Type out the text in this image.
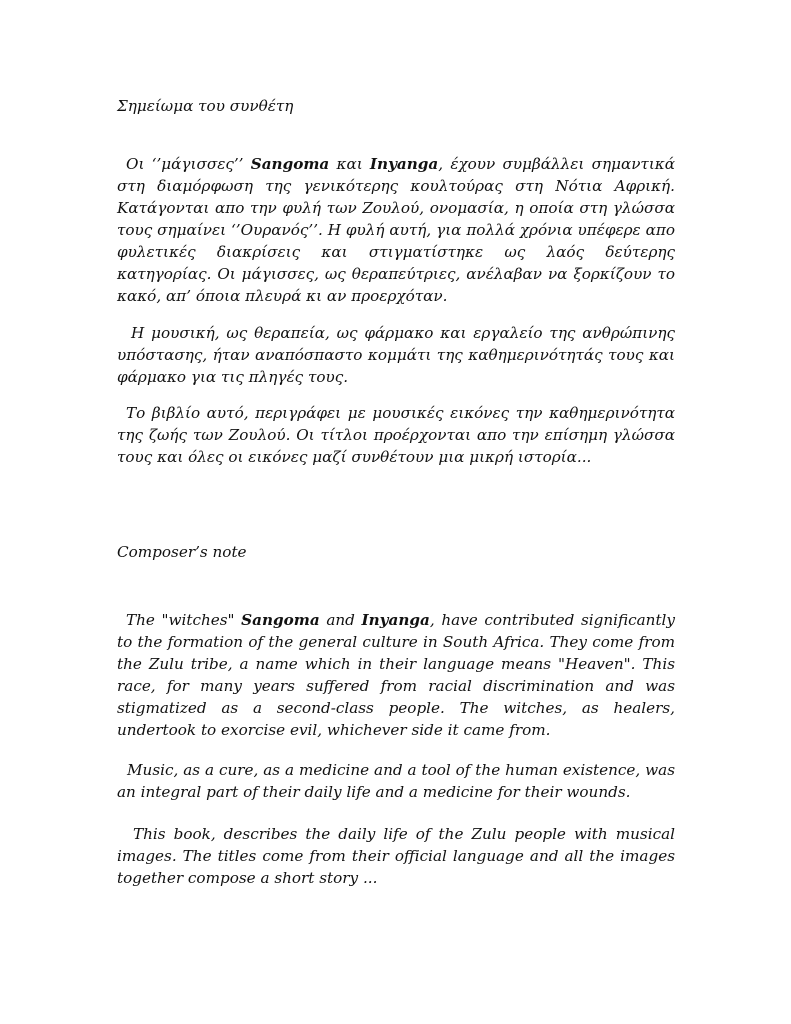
Σημείωμα του συνθέτη

Οι ‘’μάγισσες’’ Sangoma και Inyanga, έχουν συμβάλλει σημαντικά στη διαμόρφωση της γενικότερης κουλτούρας στη Νότια Αφρική. Κατάγονται απο την φυλή των Ζουλού, ονομασία, η οποία στη γλώσσα τους σημαίνει ‘’Ουρανός’’. Η φυλή αυτή, για πολλά χρόνια υπέφερε απο φυλετικές διακρίσεις και στιγματίστηκε ως λαός δεύτερης κατηγορίας. Οι μάγισσες, ως θεραπεύτριες, ανέλαβαν να ξορκίζουν το κακό, απ’ όποια πλευρά κι αν προερχόταν.

Η μουσική, ως θεραπεία, ως φάρμακο και εργαλείο της ανθρώπινης υπόστασης, ήταν αναπόσπαστο κομμάτι της καθημερινότητάς τους και φάρμακο για τις πληγές τους.

Το βιβλίο αυτό, περιγράφει με μουσικές εικόνες την καθημερινότητα της ζωής των Ζουλού. Οι τίτλοι προέρχονται απο την επίσημη γλώσσα τους και όλες οι εικόνες μαζί συνθέτουν μια μικρή ιστορία...

Composer’s note

The "witches" Sangoma and Inyanga, have contributed significantly to the formation of the general culture in South Africa. They come from the Zulu tribe, a name which in their language means "Heaven". This race, for many years suffered from racial discrimination and was stigmatized as a second-class people. The witches, as healers, undertook to exorcise evil, whichever side it came from.

Music, as a cure, as a medicine and a tool of the human existence, was an integral part of their daily life and a medicine for their wounds.

This book, describes the daily life of the Zulu people with musical images. The titles come from their official language and all the images together compose a short story ...
